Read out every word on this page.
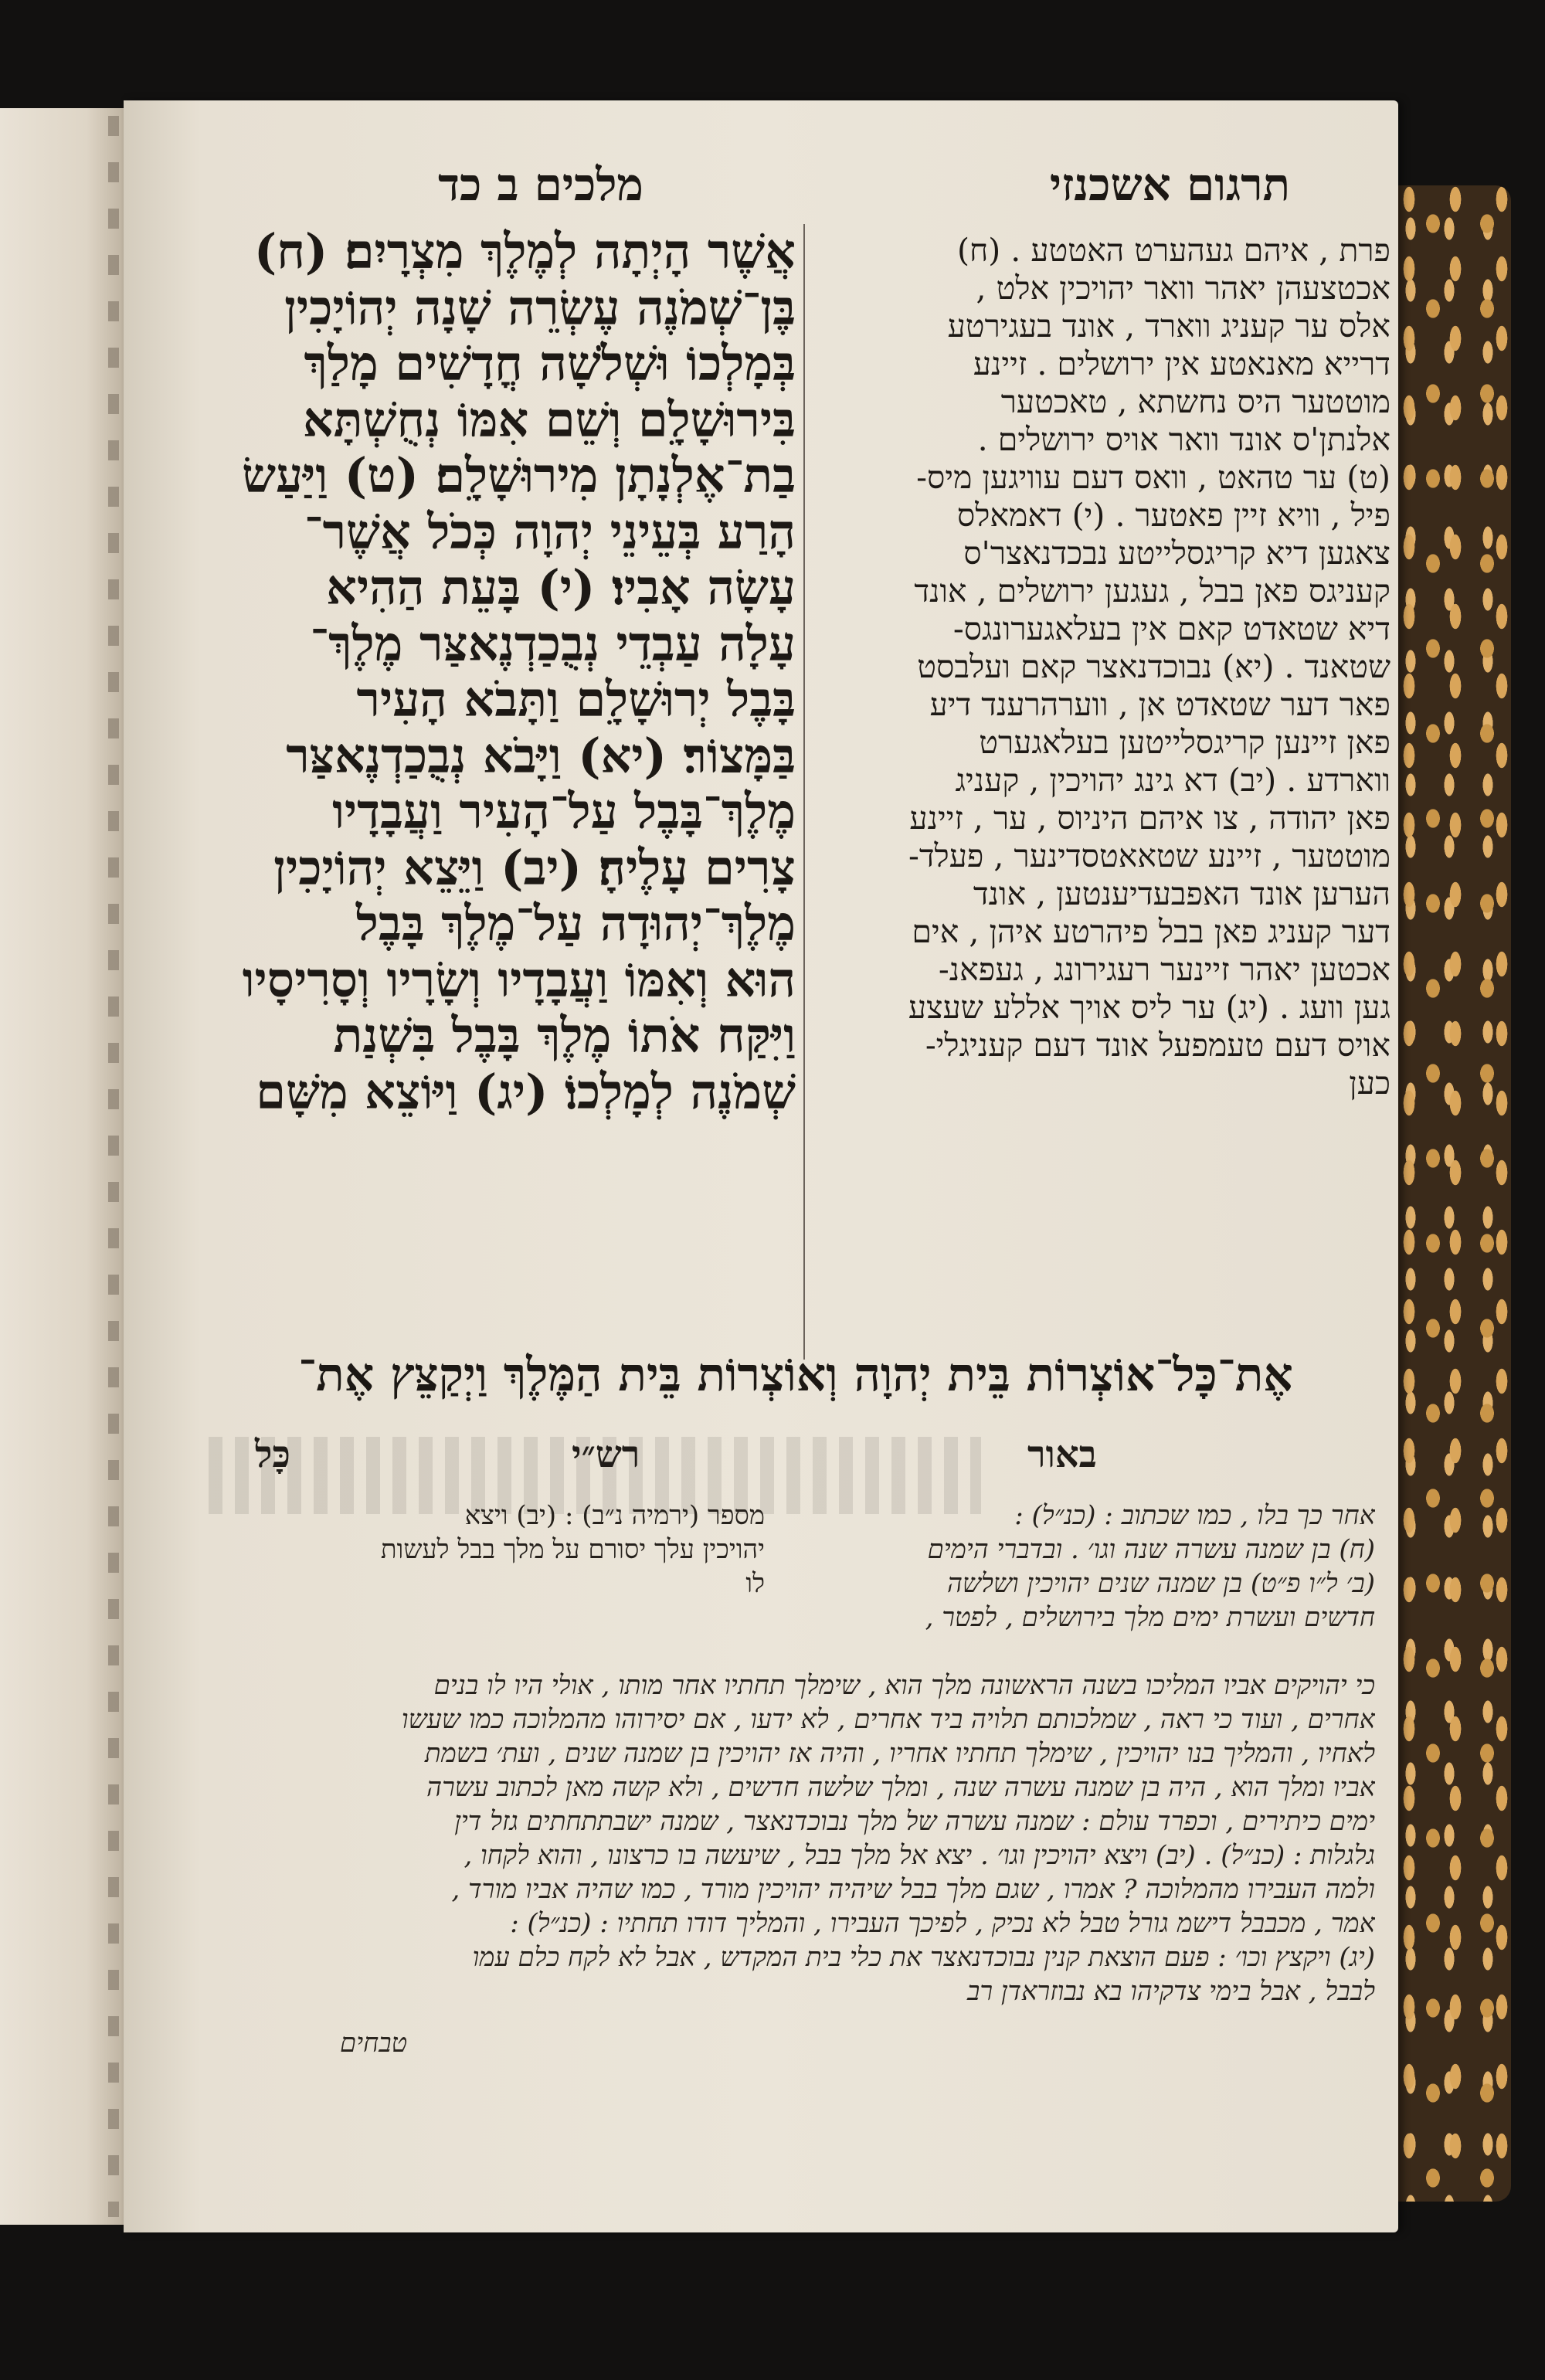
תרגום אשכנזי
מלכים ב כד
פרת , איהם געהערט האטטע . (ח)
אכטצעהן יאהר וואר יהויכין אלט ,
אלס ער קעניג ווארד , אונד בעגירטע
דרייא מאנאטע אין ירושלים . זיינע
מוטטער היס נחשתא , טאכטער
אלנתן'ס אונד וואר אויס ירושלים .
(ט) ער טהאט , וואס דעם עוויגען מיס-
פיל , וויא זיין פאטער . (י) דאמאלס
צאגען דיא קריגסלייטע נבכדנאצר'ס
קעניגס פאן בבל , געגען ירושלים , אונד
דיא שטאדט קאם אין בעלאגערונגס-
שטאנד . (יא) נבוכדנאצר קאם ועלבסט
פאר דער שטאדט אן , ווערהרענד דיע
פאן זיינען קריגסלייטען בעלאגערט
ווארדע . (יב) דא גינג יהויכין , קעניג
פאן יהודה , צו איהם היניוס , ער , זיינע
מוטטער , זיינע שטאאטסדינער , פעלד-
הערען אונד האפבעדיענטען , אונד
דער קעניג פאן בבל פיהרטע איהן , אים
אכטען יאהר זיינער רעגירונג , געפאנ-
גען וועג . (יג) ער ליס אויך אללע שעצע
אויס דעם טעמפעל אונד דעם קעניגלי-
כען
אֲשֶׁר הָיְתָה לְמֶלֶךְ מִצְרָיִם׃ (ח)
בֶּן־שְׁמֹנֶה עֶשְׂרֵה שָׁנָה יְהוֹיָכִין
בְּמָלְכוֹ וּשְׁלֹשָׁה חֳדָשִׁים מָלַךְ
בִּירוּשָׁלָ͏ִם וְשֵׁם אִמּוֹ נְחֻשְׁתָּא
בַת־אֶלְנָתָן מִירוּשָׁלָ͏ִם׃ (ט) וַיַּעַשׂ
הָרַע בְּעֵינֵי יְהוָה כְּכֹל אֲשֶׁר־
עָשָׂה אָבִיו׃ (י) בָּעֵת הַהִיא
עָלָה עַבְדֵי נְבֻכַדְנֶאצַּר מֶלֶךְ־
בָּבֶל יְרוּשָׁלָ͏ִם וַתָּבֹא הָעִיר
בַּמָּצוֹר׃ (יא) וַיָּבֹא נְבֻכַדְנֶאצַּר
מֶלֶךְ־בָּבֶל עַל־הָעִיר וַעֲבָדָיו
צָרִים עָלֶיהָ׃ (יב) וַיֵּצֵא יְהוֹיָכִין
מֶלֶךְ־יְהוּדָה עַל־מֶלֶךְ בָּבֶל
הוּא וְאִמּוֹ וַעֲבָדָיו וְשָׂרָיו וְסָרִיסָיו
וַיִּקַּח אֹתוֹ מֶלֶךְ בָּבֶל בִּשְׁנַת
שְׁמֹנֶה לְמָלְכוֹ׃ (יג) וַיּוֹצֵא מִשָּׁם
אֶת־כָּל־אוֹצְרוֹת בֵּית יְהוָה וְאוֹצְרוֹת בֵּית הַמֶּלֶךְ וַיְקַצֵּץ אֶת־
באור
רש״י
כָּל
אחר כך בלו , כמו שכתוב : (כנ״ל) :
(ח) בן שמנה עשרה שנה וגו׳ . ובדברי הימים
(ב׳ ל״ו פ״ט) בן שמנה שנים יהויכין ושלשה
חדשים ועשרת ימים מלך בירושלים , לפטר ,
מספר (ירמיה נ״ב) : (יב) ויצא
יהויכין עלך יסורם על מלך בבל לעשות
לו
כי יהויקים אביו המליכו בשנה הראשונה מלך הוא , שימלך תחתיו אחר מותו , אולי היו לו בנים
אחרים , ועוד כי ראה , שמלכותם תלויה ביד אחרים , לא ידעו , אם יסירוהו מהמלוכה כמו שעשו
לאחיו , והמליך בנו יהויכין , שימלך תחתיו אחריו , והיה אז יהויכין בן שמנה שנים , ועת׳ בשמת
אביו ומלך הוא , היה בן שמנה עשרה שנה , ומלך שלשה חדשים , ולא קשה מאן לכתוב עשרה
ימים כיתירים , וכפרד עולם : שמנה עשרה של מלך נבוכדנאצר , שמנה ישבתתחתים גזל דין
גלגלות : (כנ״ל) . (יב) ויצא יהויכין וגו׳ . יצא אל מלך בבל , שיעשה בו כרצונו , והוא לקחו ,
ולמה העבירו מהמלוכה ? אמרו , שגם מלך בבל שיהיה יהויכין מורד , כמו שהיה אביו מורד ,
אמר , מכבבל דישמ גורל טבל לא נכיק , לפיכך העבירו , והמליך דודו תחתיו : (כנ״ל) :
(יג) ויקצץ וכו׳ : פעם הוצאת קנין נבוכדנאצר את כלי בית המקדש , אבל לא לקח כלם עמו
לבבל , אבל בימי צדקיהו בא נבוזראדן רב
טבחים
